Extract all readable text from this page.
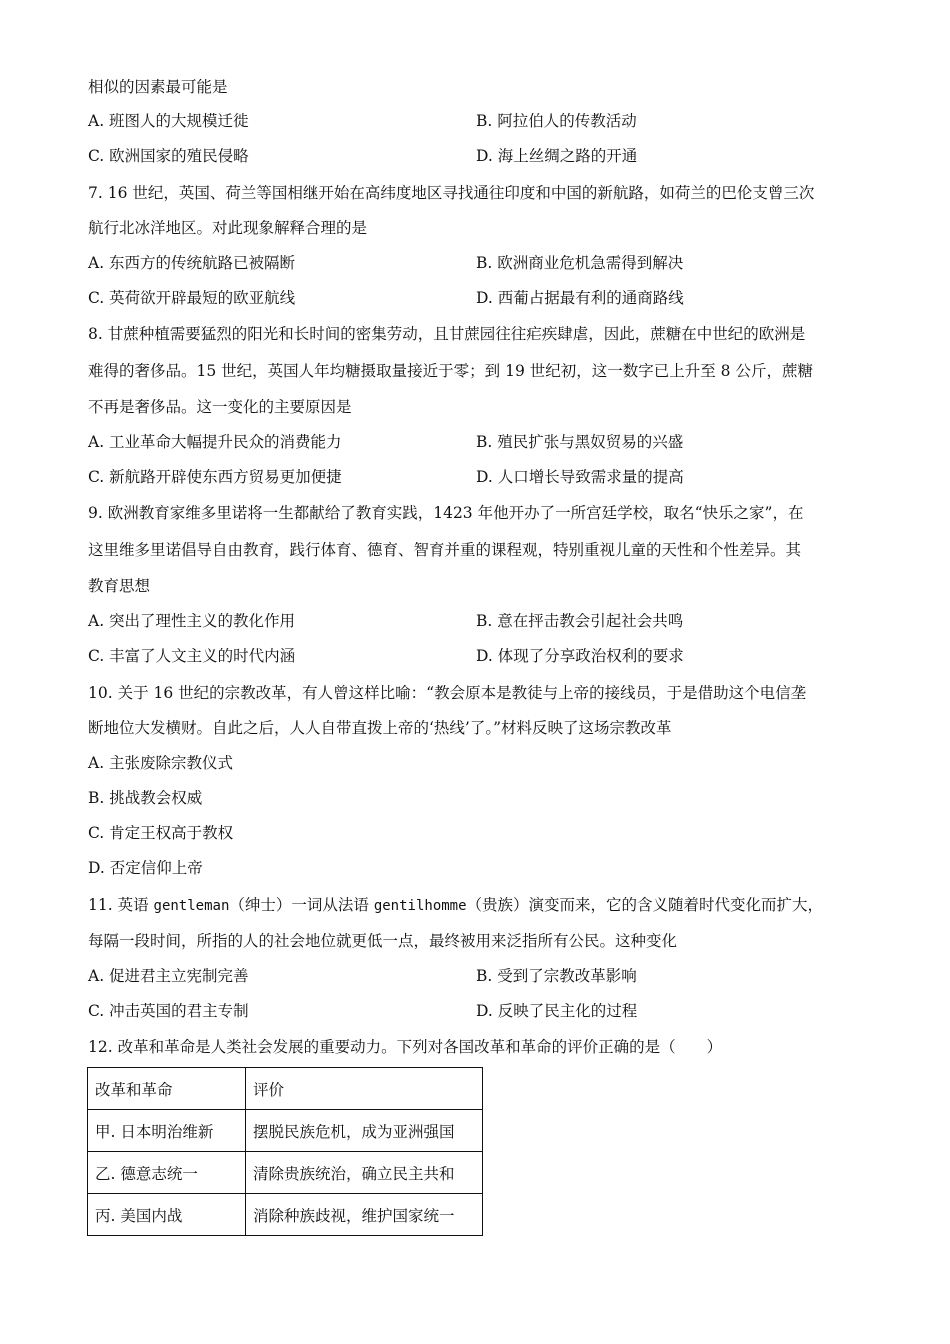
相似的因素最可能是
A. 班图人的大规模迁徙	B. 阿拉伯人的传教活动
C. 欧洲国家的殖民侵略	D. 海上丝绸之路的开通
7. 16 世纪，英国、荷兰等国相继开始在高纬度地区寻找通往印度和中国的新航路，如荷兰的巴伦支曾三次
航行北冰洋地区。对此现象解释合理的是
A. 东西方的传统航路已被隔断	B. 欧洲商业危机急需得到解决
C. 英荷欲开辟最短的欧亚航线	D. 西葡占据最有利的通商路线
8. 甘蔗种植需要猛烈的阳光和长时间的密集劳动，且甘蔗园往往疟疾肆虐，因此，蔗糖在中世纪的欧洲是
难得的奢侈品。15 世纪，英国人年均糖摄取量接近于零；到 19 世纪初，这一数字已上升至 8 公斤，蔗糖
不再是奢侈品。这一变化的主要原因是
A. 工业革命大幅提升民众的消费能力	B. 殖民扩张与黑奴贸易的兴盛
C. 新航路开辟使东西方贸易更加便捷	D. 人口增长导致需求量的提高
9. 欧洲教育家维多里诺将一生都献给了教育实践，1423 年他开办了一所宫廷学校，取名“快乐之家”，在
这里维多里诺倡导自由教育，践行体育、德育、智育并重的课程观，特别重视儿童的天性和个性差异。其
教育思想
A. 突出了理性主义的教化作用	B. 意在抨击教会引起社会共鸣
C. 丰富了人文主义的时代内涵	D. 体现了分享政治权利的要求
10. 关于 16 世纪的宗教改革，有人曾这样比喻：“教会原本是教徒与上帝的接线员，于是借助这个电信垄
断地位大发横财。自此之后，人人自带直拨上帝的‘热线’了。”材料反映了这场宗教改革
A. 主张废除宗教仪式
B. 挑战教会权威
C. 肯定王权高于教权
D. 否定信仰上帝
11. 英语 gentleman（绅士）一词从法语 gentilhomme（贵族）演变而来，它的含义随着时代变化而扩大，
每隔一段时间，所指的人的社会地位就更低一点，最终被用来泛指所有公民。这种变化
A. 促进君主立宪制完善	B. 受到了宗教改革影响
C. 冲击英国的君主专制	D. 反映了民主化的过程
12. 改革和革命是人类社会发展的重要动力。下列对各国改革和革命的评价正确的是（　　）
改革和革命	评价
甲. 日本明治维新	摆脱民族危机，成为亚洲强国
乙. 德意志统一	清除贵族统治，确立民主共和
丙. 美国内战	消除种族歧视，维护国家统一
